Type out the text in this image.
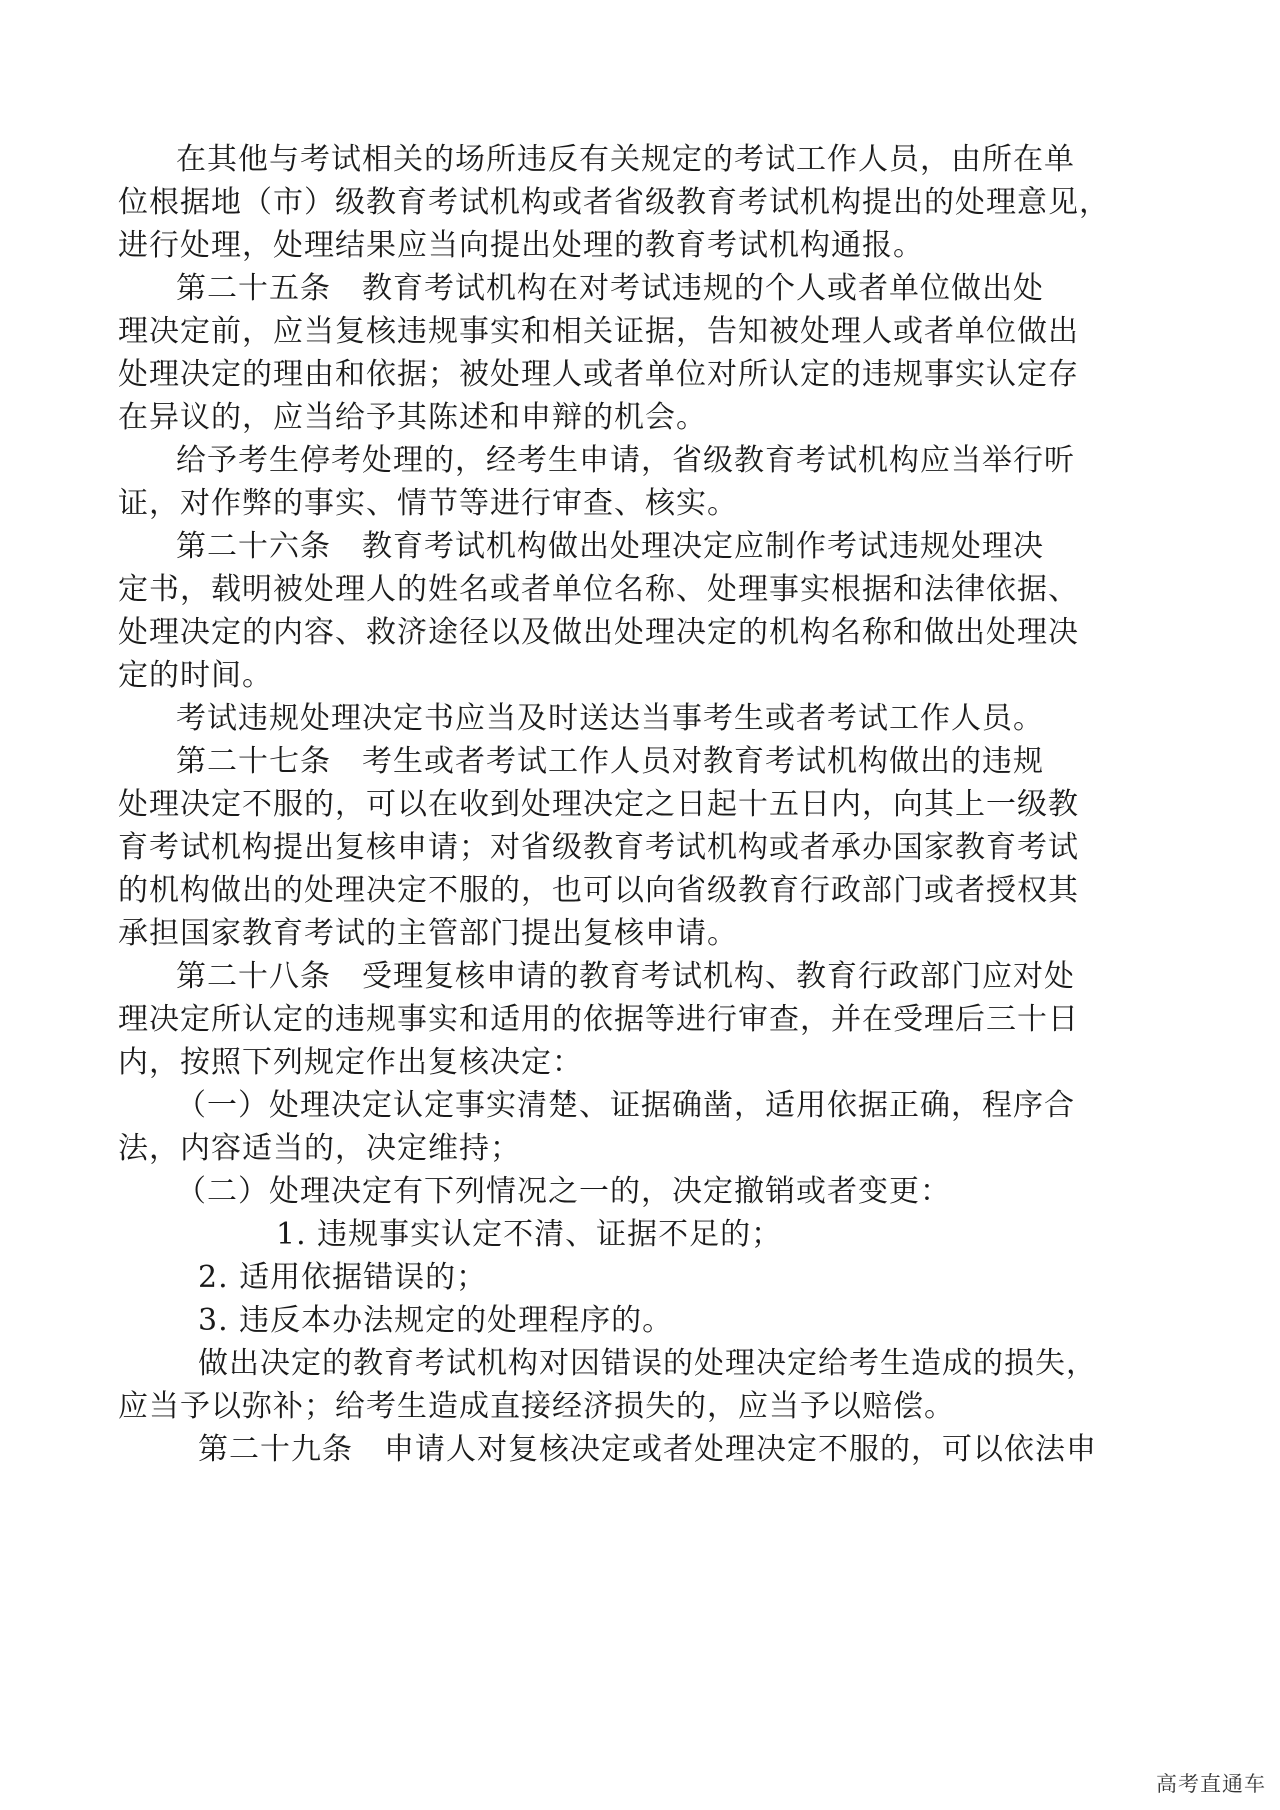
在其他与考试相关的场所违反有关规定的考试工作人员，由所在单
位根据地（市）级教育考试机构或者省级教育考试机构提出的处理意见，
进行处理，处理结果应当向提出处理的教育考试机构通报。
第二十五条　教育考试机构在对考试违规的个人或者单位做出处
理决定前，应当复核违规事实和相关证据，告知被处理人或者单位做出
处理决定的理由和依据；被处理人或者单位对所认定的违规事实认定存
在异议的，应当给予其陈述和申辩的机会。
给予考生停考处理的，经考生申请，省级教育考试机构应当举行听
证，对作弊的事实、情节等进行审查、核实。
第二十六条　教育考试机构做出处理决定应制作考试违规处理决
定书，载明被处理人的姓名或者单位名称、处理事实根据和法律依据、
处理决定的内容、救济途径以及做出处理决定的机构名称和做出处理决
定的时间。
考试违规处理决定书应当及时送达当事考生或者考试工作人员。
第二十七条　考生或者考试工作人员对教育考试机构做出的违规
处理决定不服的，可以在收到处理决定之日起十五日内，向其上一级教
育考试机构提出复核申请；对省级教育考试机构或者承办国家教育考试
的机构做出的处理决定不服的，也可以向省级教育行政部门或者授权其
承担国家教育考试的主管部门提出复核申请。
第二十八条　受理复核申请的教育考试机构、教育行政部门应对处
理决定所认定的违规事实和适用的依据等进行审查，并在受理后三十日
内，按照下列规定作出复核决定：
（一）处理决定认定事实清楚、证据确凿，适用依据正确，程序合
法，内容适当的，决定维持；
（二）处理决定有下列情况之一的，决定撤销或者变更：
1. 违规事实认定不清、证据不足的；
2. 适用依据错误的；
3. 违反本办法规定的处理程序的。
做出决定的教育考试机构对因错误的处理决定给考生造成的损失，
应当予以弥补；给考生造成直接经济损失的，应当予以赔偿。
第二十九条　申请人对复核决定或者处理决定不服的，可以依法申
高考直通车
